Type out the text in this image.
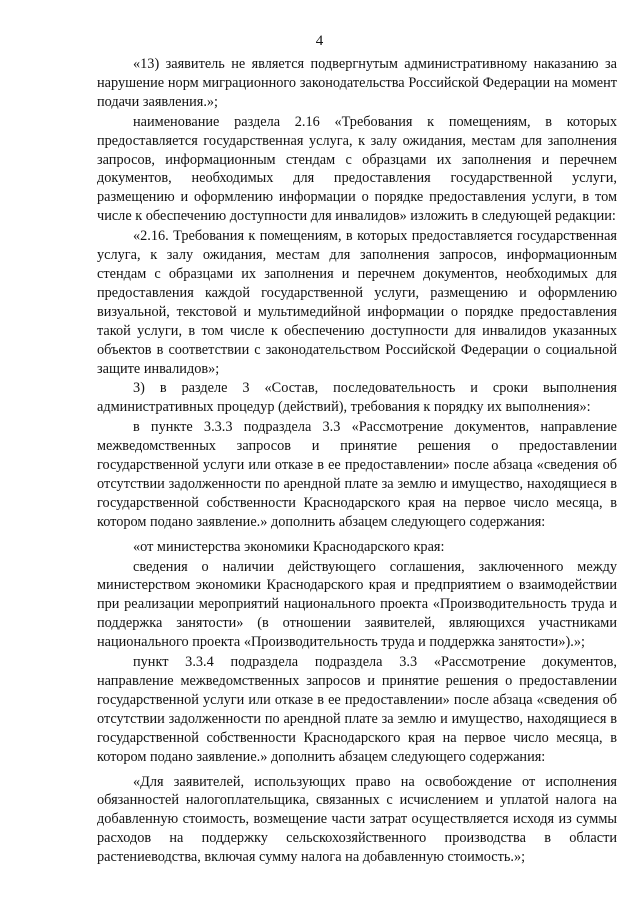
4

«13) заявитель не является подвергнутым административному наказанию за нарушение норм миграционного законодательства Российской Федерации на момент подачи заявления.»;

наименование раздела 2.16 «Требования к помещениям, в которых предоставляется государственная услуга, к залу ожидания, местам для заполнения запросов, информационным стендам с образцами их заполнения и перечнем документов, необходимых для предоставления государственной услуги, размещению и оформлению информации о порядке предоставления услуги, в том числе к обеспечению доступности для инвалидов» изложить в следующей редакции:

«2.16. Требования к помещениям, в которых предоставляется государственная услуга, к залу ожидания, местам для заполнения запросов, информационным стендам с образцами их заполнения и перечнем документов, необходимых для предоставления каждой государственной услуги, размещению и оформлению визуальной, текстовой и мультимедийной информации о порядке предоставления такой услуги, в том числе к обеспечению доступности для инвалидов указанных объектов в соответствии с законодательством Российской Федерации о социальной защите инвалидов»;

3) в разделе 3 «Состав, последовательность и сроки выполнения административных процедур (действий), требования к порядку их выполнения»:

в пункте 3.3.3 подраздела 3.3 «Рассмотрение документов, направление межведомственных запросов и принятие решения о предоставлении государственной услуги или отказе в ее предоставлении» после абзаца «сведения об отсутствии задолженности по арендной плате за землю и имущество, находящиеся в государственной собственности Краснодарского края на первое число месяца, в котором подано заявление.» дополнить абзацем следующего содержания:

«от министерства экономики Краснодарского края:

сведения о наличии действующего соглашения, заключенного между министерством экономики Краснодарского края и предприятием о взаимодействии при реализации мероприятий национального проекта «Производительность труда и поддержка занятости» (в отношении заявителей, являющихся участниками национального проекта «Производительность труда и поддержка занятости»).»;

пункт 3.3.4 подраздела подраздела 3.3 «Рассмотрение документов, направление межведомственных запросов и принятие решения о предоставлении государственной услуги или отказе в ее предоставлении» после абзаца «сведения об отсутствии задолженности по арендной плате за землю и имущество, находящиеся в государственной собственности Краснодарского края на первое число месяца, в котором подано заявление.» дополнить абзацем следующего содержания:

«Для заявителей, использующих право на освобождение от исполнения обязанностей налогоплательщика, связанных с исчислением и уплатой налога на добавленную стоимость, возмещение части затрат осуществляется исходя из суммы расходов на поддержку сельскохозяйственного производства в области растениеводства, включая сумму налога на добавленную стоимость.»;
